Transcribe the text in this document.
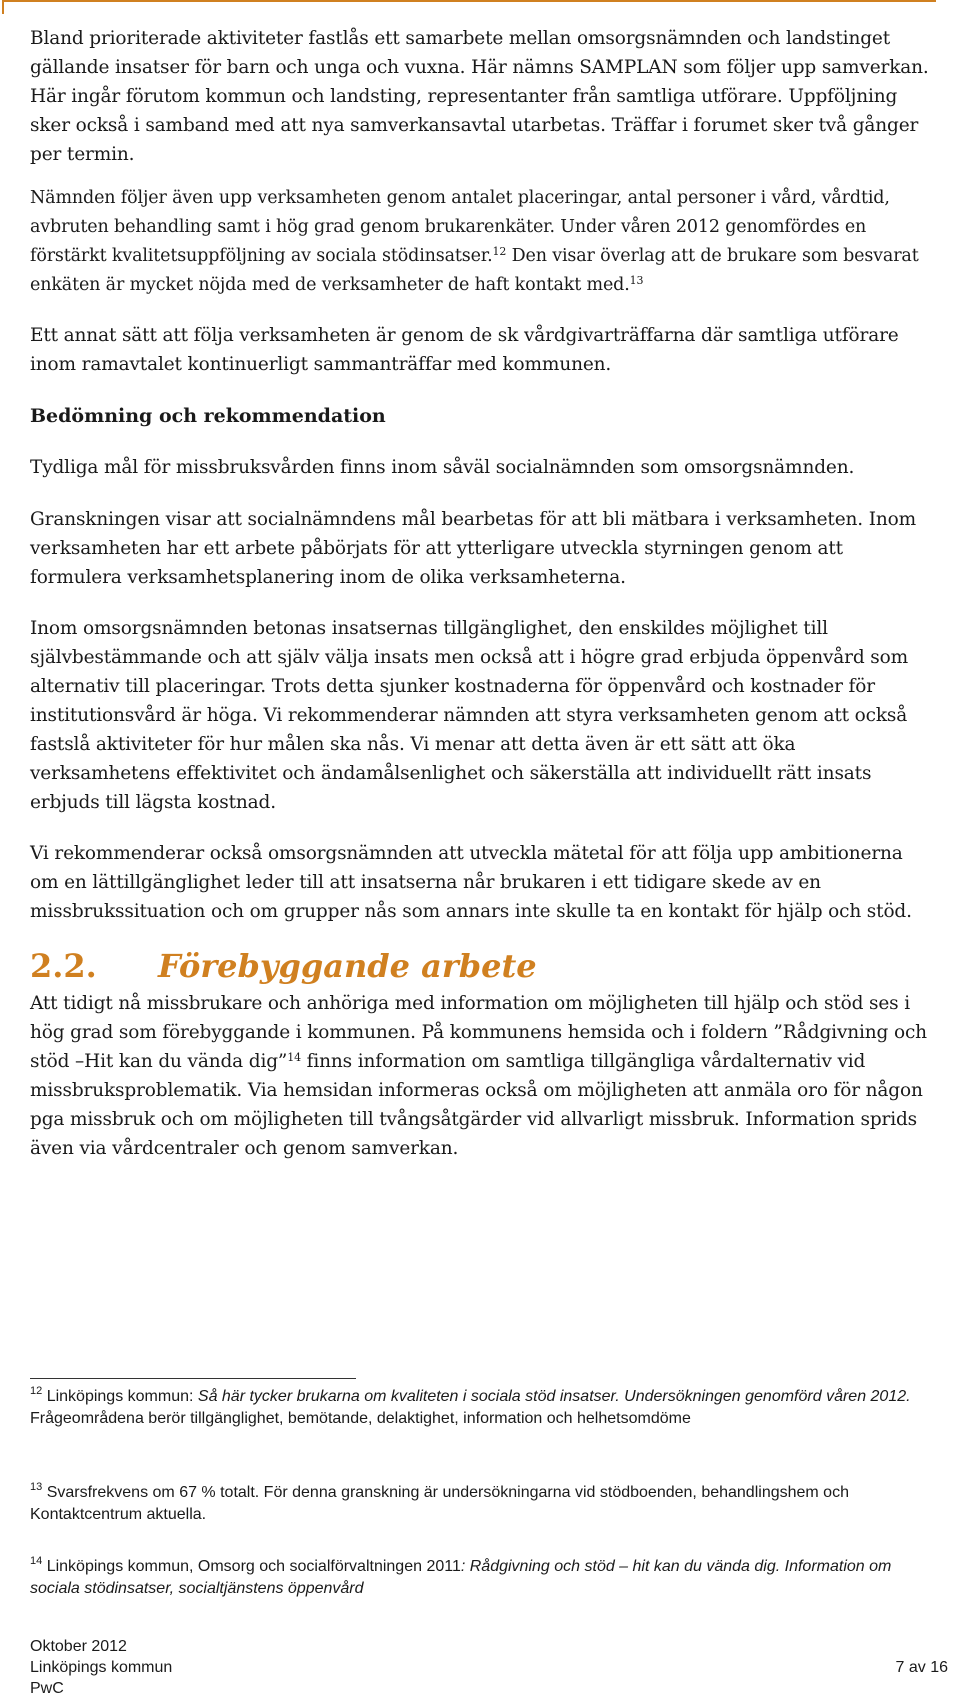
Bland prioriterade aktiviteter fastlås ett samarbete mellan omsorgsnämnden och landstinget gällande insatser för barn och unga och vuxna. Här nämns SAMPLAN som följer upp samverkan. Här ingår förutom kommun och landsting, representanter från samtliga utförare. Uppföljning sker också i samband med att nya samverkansavtal utarbetas. Träffar i forumet sker två gånger per termin.

Nämnden följer även upp verksamheten genom antalet placeringar, antal personer i vård, vårdtid, avbruten behandling samt i hög grad genom brukarenkäter. Under våren 2012 genomfördes en förstärkt kvalitetsuppföljning av sociala stödinsatser.$^{12}$ Den visar överlag att de brukare som besvarat enkäten är mycket nöjda med de verksamheter de haft kontakt med.$^{13}$

Ett annat sätt att följa verksamheten är genom de sk vårdgivarträffarna där samtliga utförare inom ramavtalet kontinuerligt sammanträffar med kommunen.

Bedömning och rekommendation

Tydliga mål för missbruksvården finns inom såväl socialnämnden som omsorgsnämnden.

Granskningen visar att socialnämndens mål bearbetas för att bli mätbara i verksamheten. Inom verksamheten har ett arbete påbörjats för att ytterligare utveckla styrningen genom att formulera verksamhetsplanering inom de olika verksamheterna.

Inom omsorgsnämnden betonas insatsernas tillgänglighet, den enskildes möjlighet till självbestämmande och att själv välja insats men också att i högre grad erbjuda öppenvård som alternativ till placeringar. Trots detta sjunker kostnaderna för öppenvård och kostnader för institutionsvård är höga. Vi rekommenderar nämnden att styra verksamheten genom att också fastslå aktiviteter för hur målen ska nås. Vi menar att detta även är ett sätt att öka verksamhetens effektivitet och ändamålsenlighet och säkerställa att individuellt rätt insats erbjuds till lägsta kostnad.

Vi rekommenderar också omsorgsnämnden att utveckla mätetal för att följa upp ambitionerna om en lättillgänglighet leder till att insatserna når brukaren i ett tidigare skede av en missbrukssituation och om grupper nås som annars inte skulle ta en kontakt för hjälp och stöd.

2.2. Förebyggande arbete

Att tidigt nå missbrukare och anhöriga med information om möjligheten till hjälp och stöd ses i hög grad som förebyggande i kommunen. På kommunens hemsida och i foldern ”Rådgivning och stöd –Hit kan du vända dig”$^{14}$ finns information om samtliga tillgängliga vårdalternativ vid missbruksproblematik. Via hemsidan informeras också om möjligheten att anmäla oro för någon pga missbruk och om möjligheten till tvångsåtgärder vid allvarligt missbruk. Information sprids även via vårdcentraler och genom samverkan.

$^{12}$ Linköpings kommun: Så här tycker brukarna om kvaliteten i sociala stöd insatser. Undersökningen genomförd våren 2012. Frågeområdena berör tillgänglighet, bemötande, delaktighet, information och helhetsomdöme
$^{13}$ Svarsfrekvens om 67 % totalt. För denna granskning är undersökningarna vid stödboenden, behandlingshem och Kontaktcentrum aktuella.
$^{14}$ Linköpings kommun, Omsorg och socialförvaltningen 2011: Rådgivning och stöd – hit kan du vända dig. Information om sociala stödinsatser, socialtjänstens öppenvård
Oktober 2012
Linköpings kommun
PwC
7 av 16
